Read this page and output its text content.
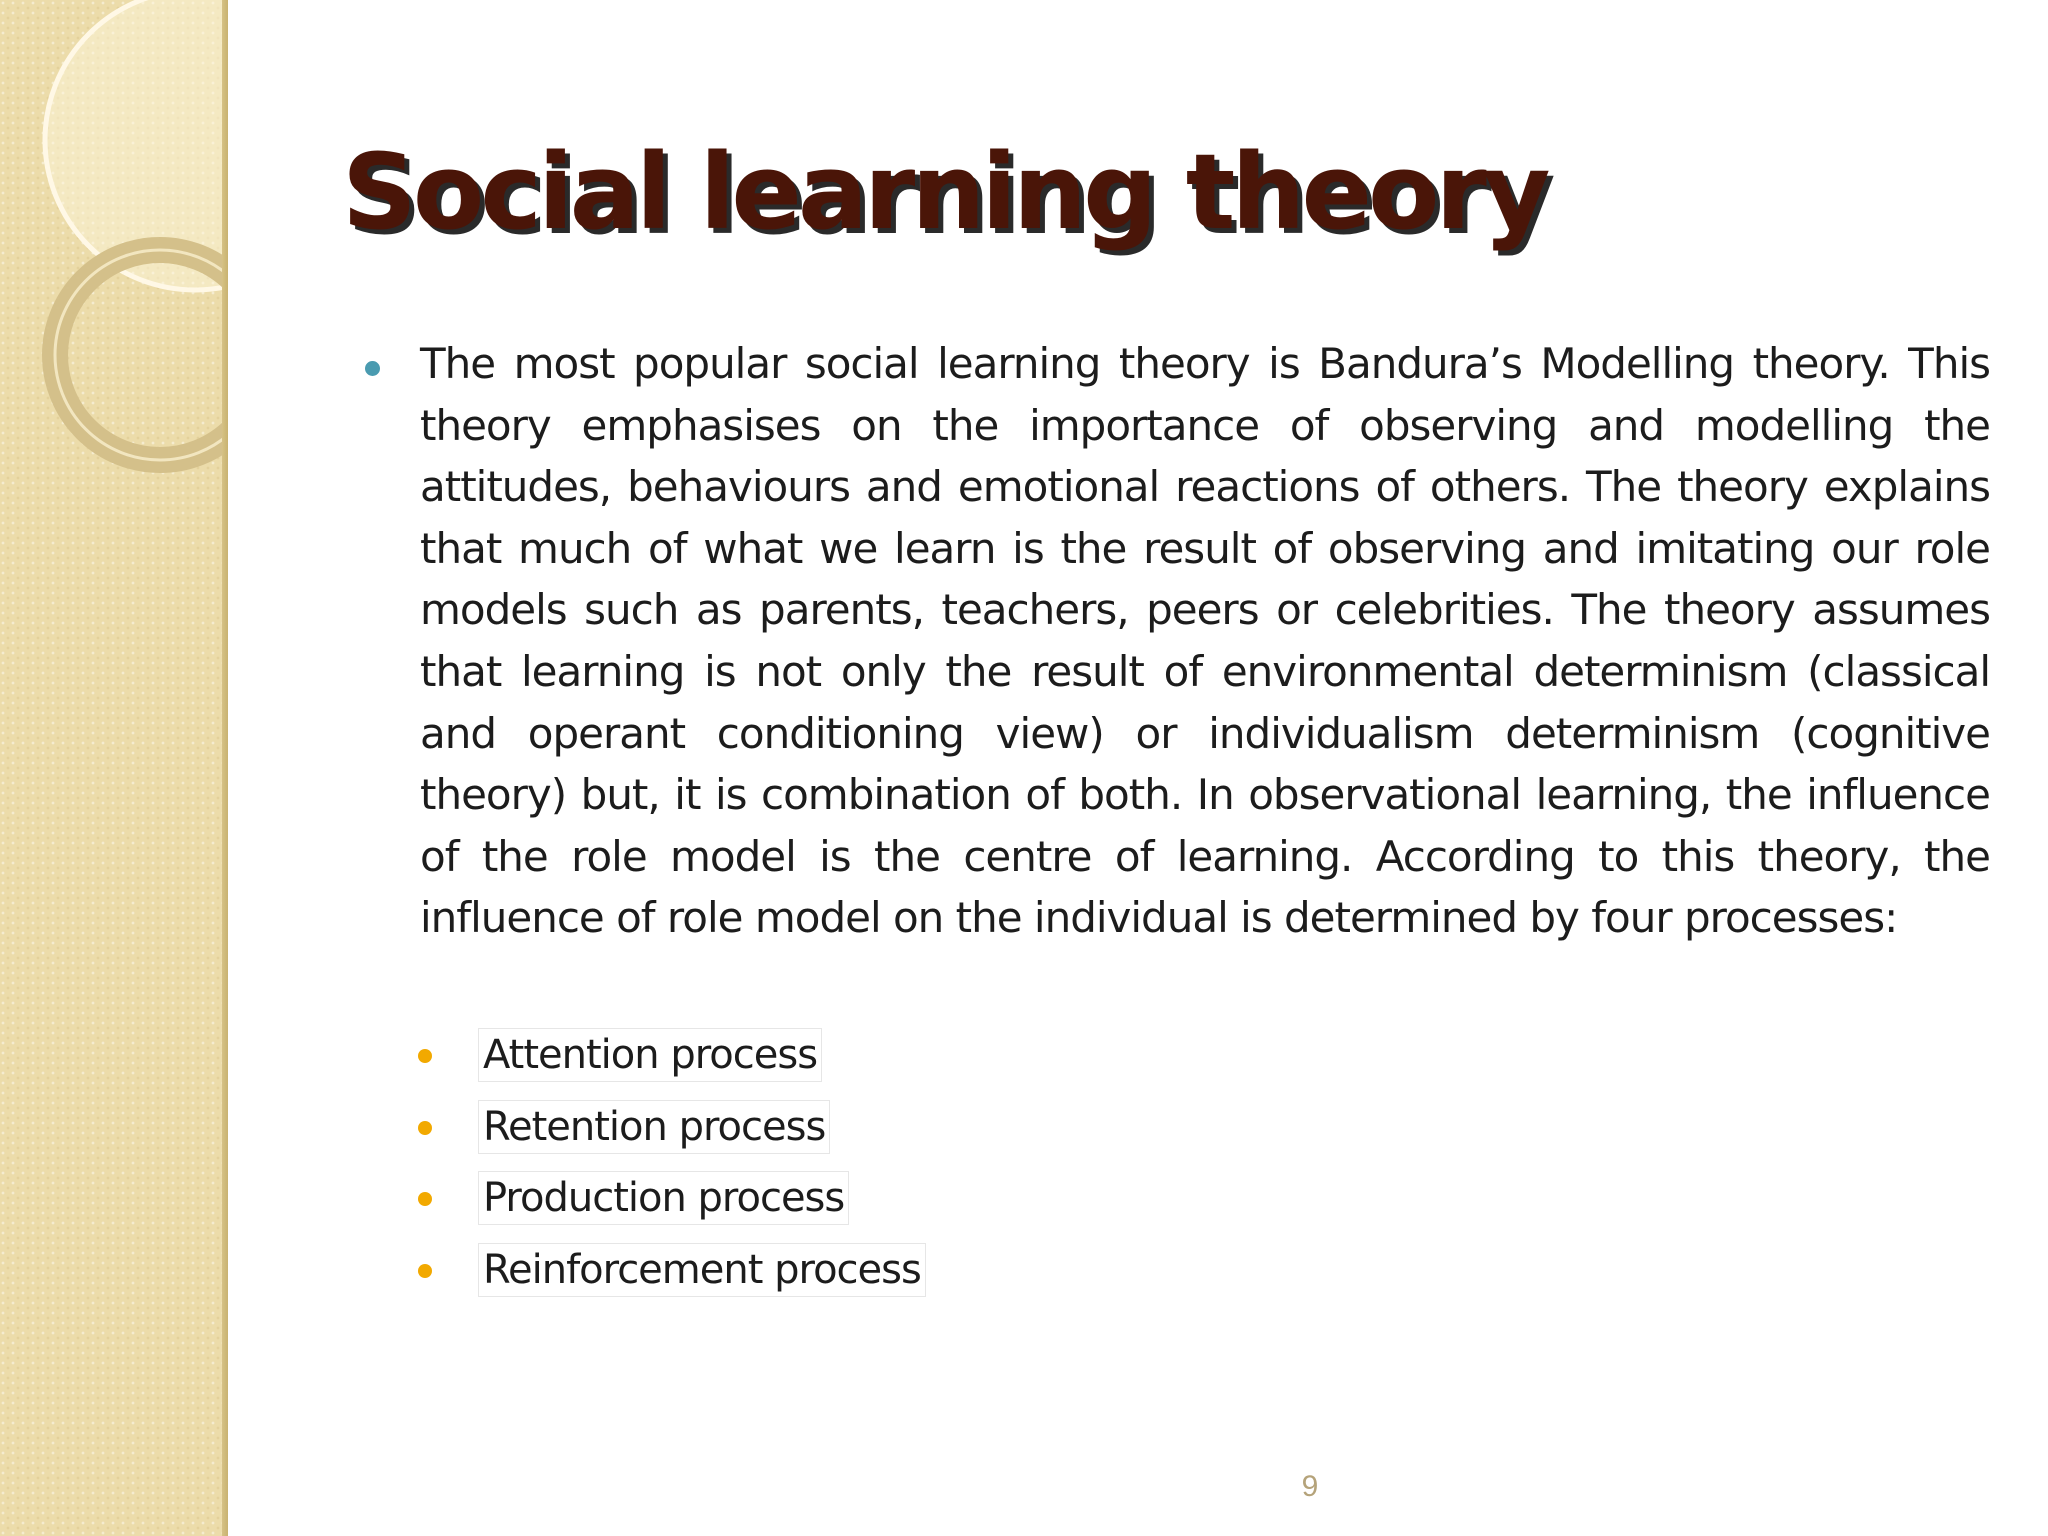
Social learning theory

The most popular social learning theory is Bandura’s Modelling theory. This theory emphasises on the importance of observing and modelling the attitudes, behaviours and emotional reactions of others. The theory explains that much of what we learn is the result of observing and imitating our role models such as parents, teachers, peers or celebrities. The theory assumes that learning is not only the result of environmental determinism (classical and operant conditioning view) or individualism determinism (cognitive theory) but, it is combination of both. In observational learning, the influence of the role model is the centre of learning. According to this theory, the influence of role model on the individual is determined by four processes:

Attention process
Retention process
Production process
Reinforcement process
9
